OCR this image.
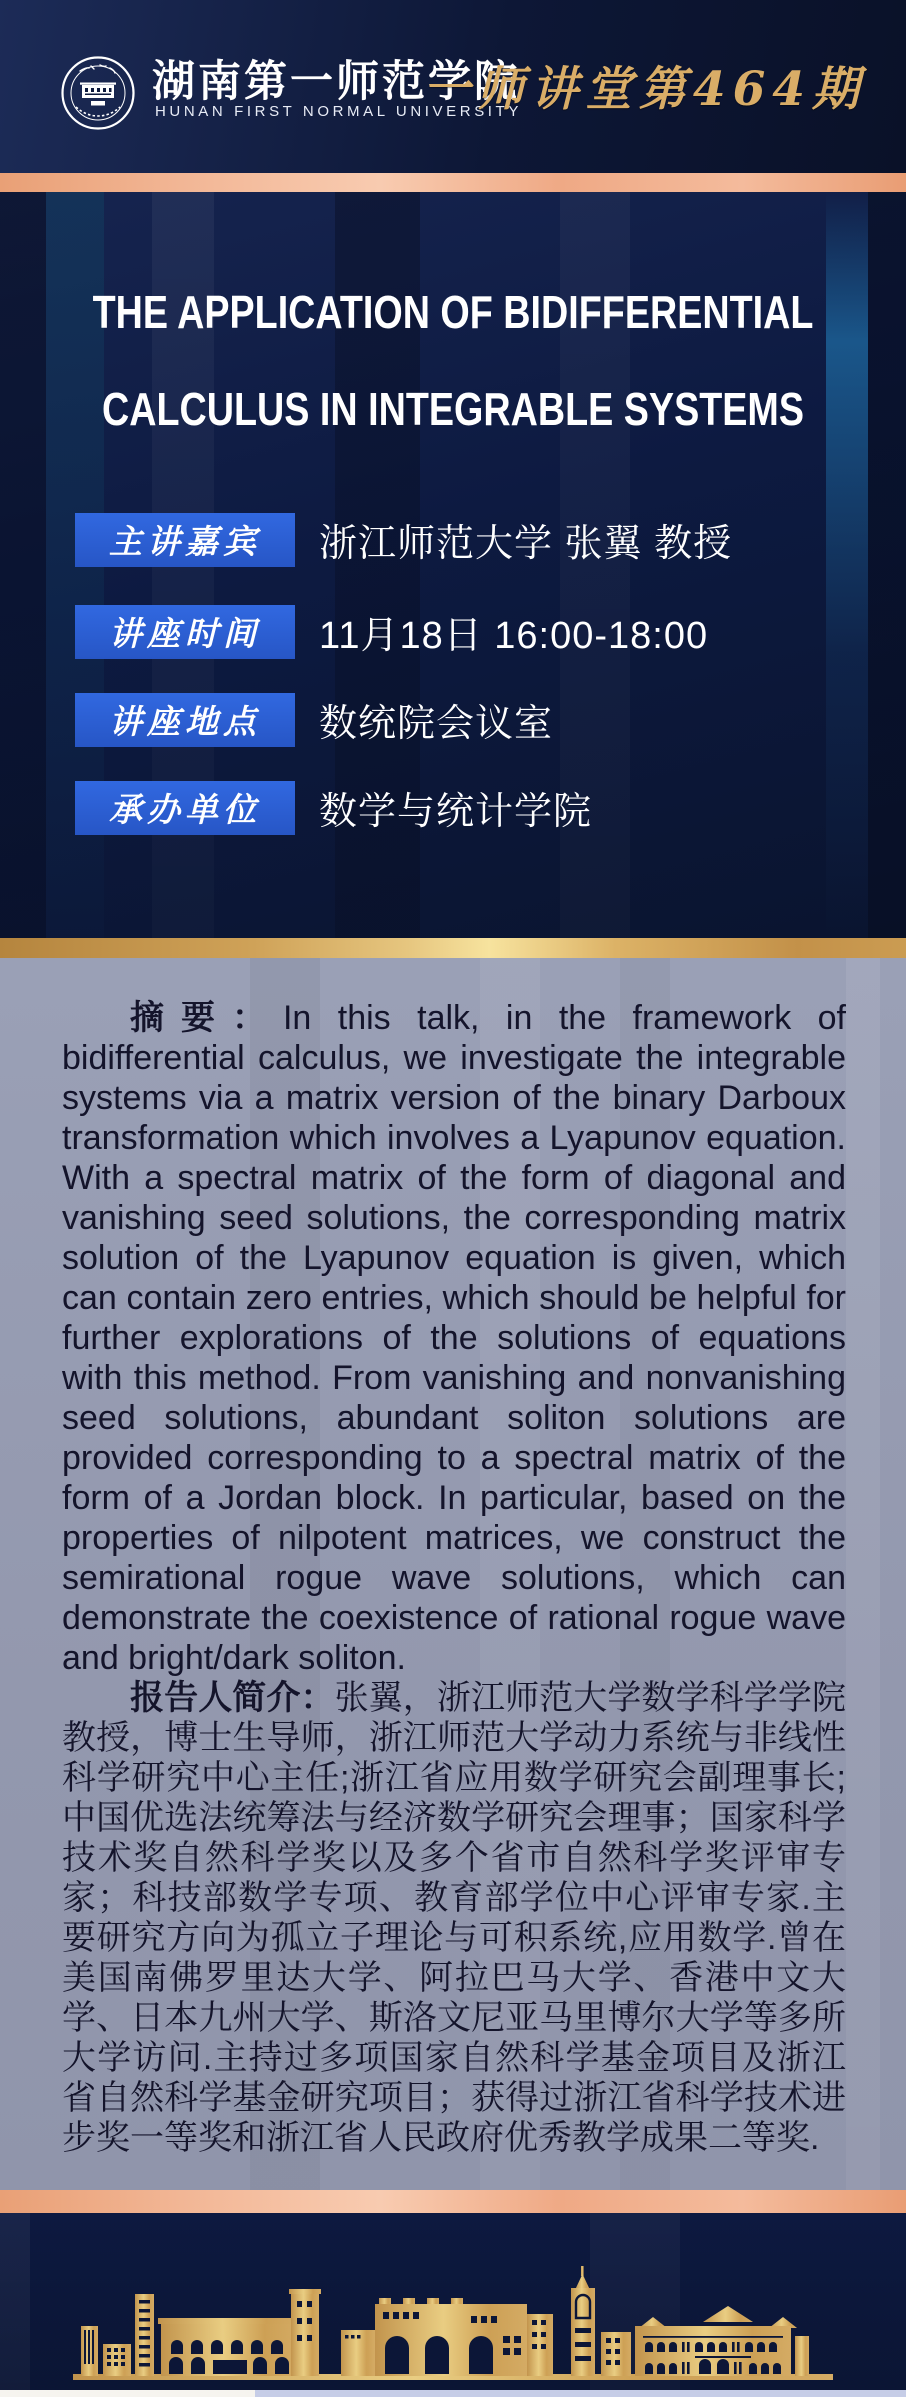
湖南第一师范学院
HUNAN FIRST NORMAL UNIVERSITY
一师讲堂第464期
THE APPLICATION OF BIDIFFERENTIAL
CALCULUS IN INTEGRABLE SYSTEMS
主讲嘉宾	浙江师范大学 张翼 教授
讲座时间	11月18日 16:00-18:00
讲座地点	数统院会议室
承办单位	数学与统计学院

摘要：In this talk, in the framework of bidifferential calculus, we investigate the integrable systems via a matrix version of the binary Darboux transformation which involves a Lyapunov equation. With a spectral matrix of the form of diagonal and vanishing seed solutions, the corresponding matrix solution of the Lyapunov equation is given, which can contain zero entries, which should be helpful for further explorations of the solutions of equations with this method. From vanishing and nonvanishing seed solutions, abundant soliton solutions are provided corresponding to a spectral matrix of the form of a Jordan block. In particular, based on the properties of nilpotent matrices, we construct the semirational rogue wave solutions, which can demonstrate the coexistence of rational rogue wave and bright/dark soliton.

报告人简介：张翼，浙江师范大学数学科学学院教授，博士生导师，浙江师范大学动力系统与非线性科学研究中心主任;浙江省应用数学研究会副理事长;中国优选法统筹法与经济数学研究会理事；国家科学技术奖自然科学奖以及多个省市自然科学奖评审专家；科技部数学专项、教育部学位中心评审专家.主要研究方向为孤立子理论与可积系统,应用数学.曾在美国南佛罗里达大学、阿拉巴马大学、香港中文大学、日本九州大学、斯洛文尼亚马里博尔大学等多所大学访问.主持过多项国家自然科学基金项目及浙江省自然科学基金研究项目；获得过浙江省科学技术进步奖一等奖和浙江省人民政府优秀教学成果二等奖.
